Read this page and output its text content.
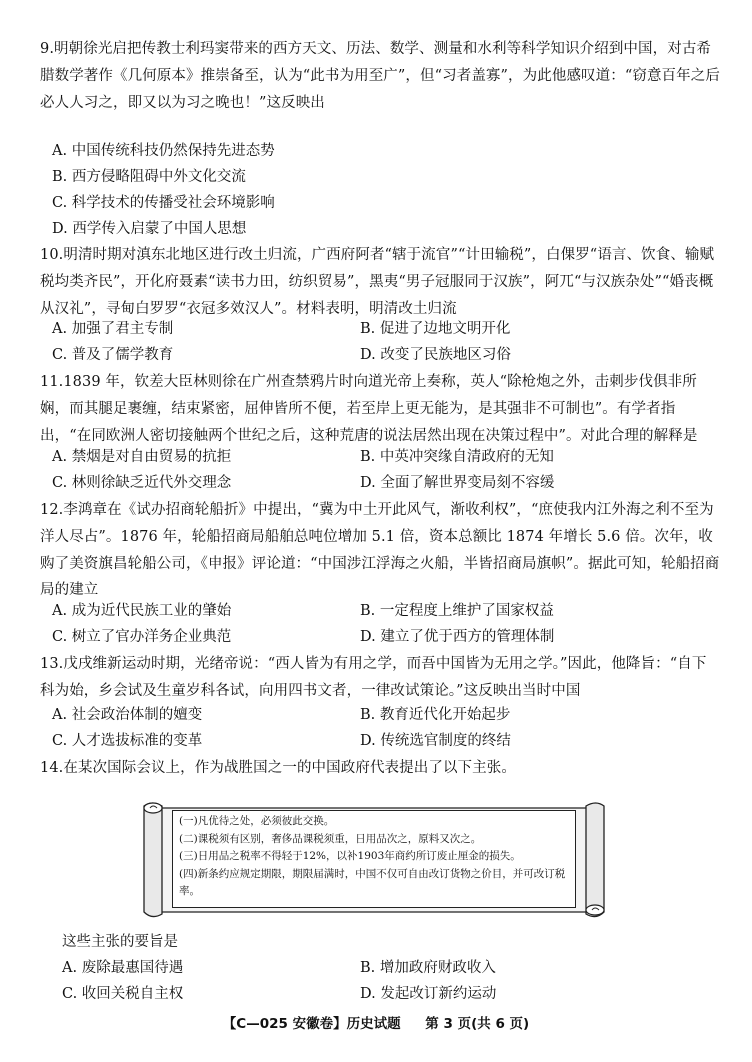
9.明朝徐光启把传教士利玛窦带来的西方天文、历法、数学、测量和水利等科学知识介绍到中国，对古希腊数学著作《几何原本》推崇备至，认为“此书为用至广”，但“习者盖寡”，为此他感叹道：“窃意百年之后必人人习之，即又以为习之晚也！”这反映出
A. 中国传统科技仍然保持先进态势
B. 西方侵略阻碍中外文化交流
C. 科学技术的传播受社会环境影响
D. 西学传入启蒙了中国人思想
10.明清时期对滇东北地区进行改土归流，广西府阿者“辖于流官”“计田输税”，白倮罗“语言、饮食、输赋税均类齐民”，开化府聂素“读书力田，纺织贸易”，黑夷“男子冠服同于汉族”，阿兀“与汉族杂处”“婚丧概从汉礼”，寻甸白罗罗“衣冠多效汉人”。材料表明，明清改土归流
A. 加强了君主专制	B. 促进了边地文明开化
C. 普及了儒学教育	D. 改变了民族地区习俗
11.1839 年，钦差大臣林则徐在广州查禁鸦片时向道光帝上奏称，英人“除枪炮之外，击刺步伐俱非所娴，而其腿足裹缠，结束紧密，屈伸皆所不便，若至岸上更无能为，是其强非不可制也”。有学者指出，“在同欧洲人密切接触两个世纪之后，这种荒唐的说法居然出现在决策过程中”。对此合理的解释是
A. 禁烟是对自由贸易的抗拒	B. 中英冲突缘自清政府的无知
C. 林则徐缺乏近代外交理念	D. 全面了解世界变局刻不容缓
12.李鸿章在《试办招商轮船折》中提出，“冀为中土开此风气，渐收利权”，“庶使我内江外海之利不至为洋人尽占”。1876 年，轮船招商局船舶总吨位增加 5.1 倍，资本总额比 1874 年增长 5.6 倍。次年，收购了美资旗昌轮船公司，《申报》评论道：“中国涉江浮海之火船，半皆招商局旗帜”。据此可知，轮船招商局的建立
A. 成为近代民族工业的肇始	B. 一定程度上维护了国家权益
C. 树立了官办洋务企业典范	D. 建立了优于西方的管理体制
13.戊戌维新运动时期，光绪帝说：“西人皆为有用之学，而吾中国皆为无用之学。”因此，他降旨：“自下科为始，乡会试及生童岁科各试，向用四书文者，一律改试策论。”这反映出当时中国
A. 社会政治体制的嬗变	B. 教育近代化开始起步
C. 人才选拔标准的变革	D. 传统选官制度的终结
14.在某次国际会议上，作为战胜国之一的中国政府代表提出了以下主张。
(一)凡优待之处，必须彼此交换。
(二)课税须有区别，奢侈品课税须重，日用品次之，原料又次之。
(三)日用品之税率不得轻于12%，以补1903年商约所订废止厘金的损失。
(四)新条约应规定期限，期限届满时，中国不仅可自由改订货物之价目，并可改订税率。
这些主张的要旨是
A. 废除最惠国待遇	B. 增加政府财政收入
C. 收回关税自主权	D. 发起改订新约运动
【C—025 安徽卷】历史试题 第 3 页(共 6 页)
